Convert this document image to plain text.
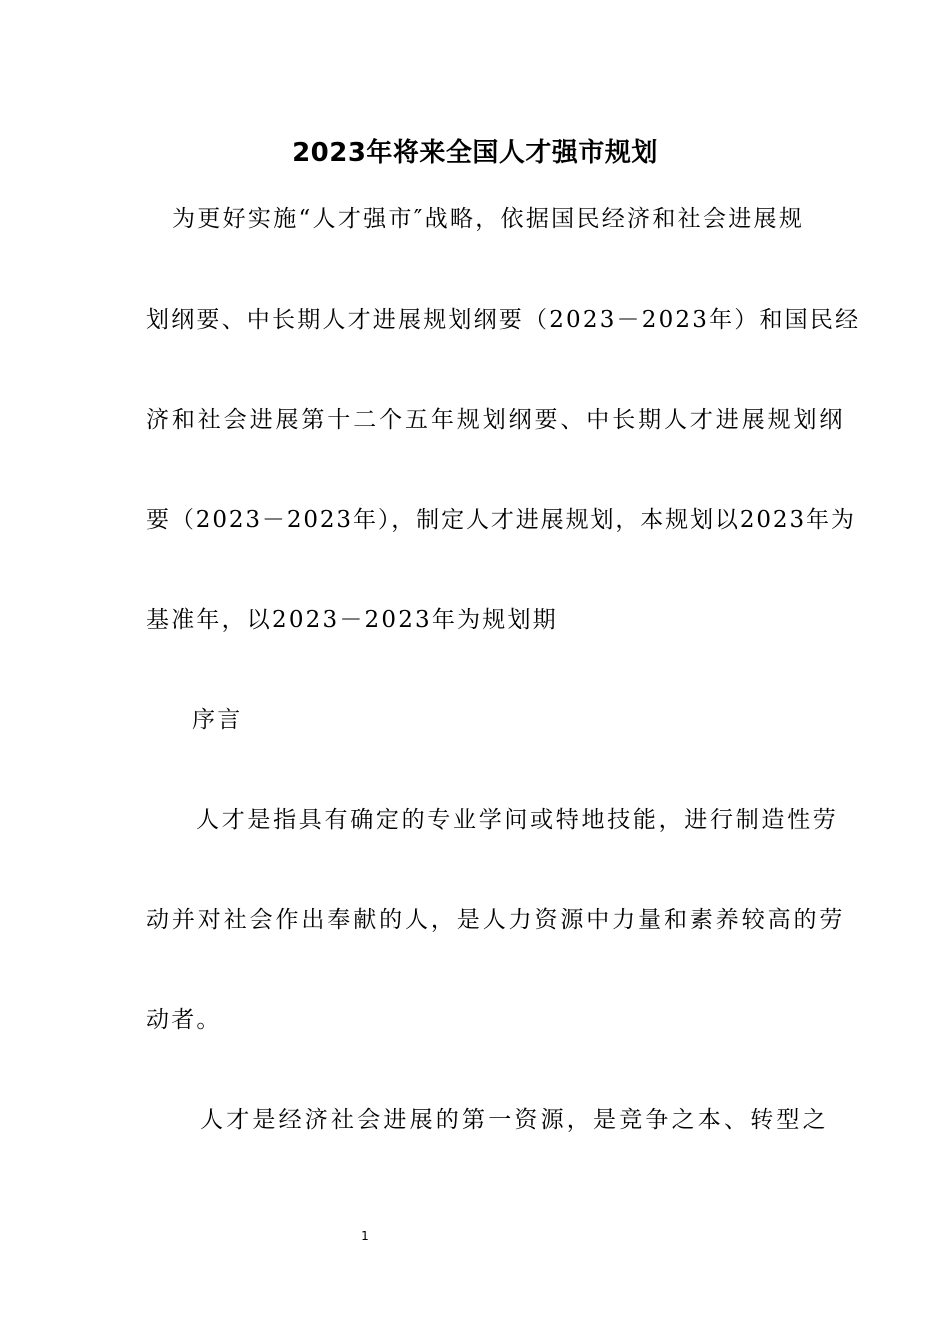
2023年将来全国人才强市规划
为更好实施“人才强市″战略，依据国民经济和社会进展规
划纲要、中长期人才进展规划纲要（2023－2023年）和国民经
济和社会进展第十二个五年规划纲要、中长期人才进展规划纲
要（2023－2023年），制定人才进展规划，本规划以2023年为
基准年，以2023－2023年为规划期
序言
人才是指具有确定的专业学问或特地技能，进行制造性劳
动并对社会作出奉献的人，是人力资源中力量和素养较高的劳
动者。
人才是经济社会进展的第一资源，是竞争之本、转型之
1
